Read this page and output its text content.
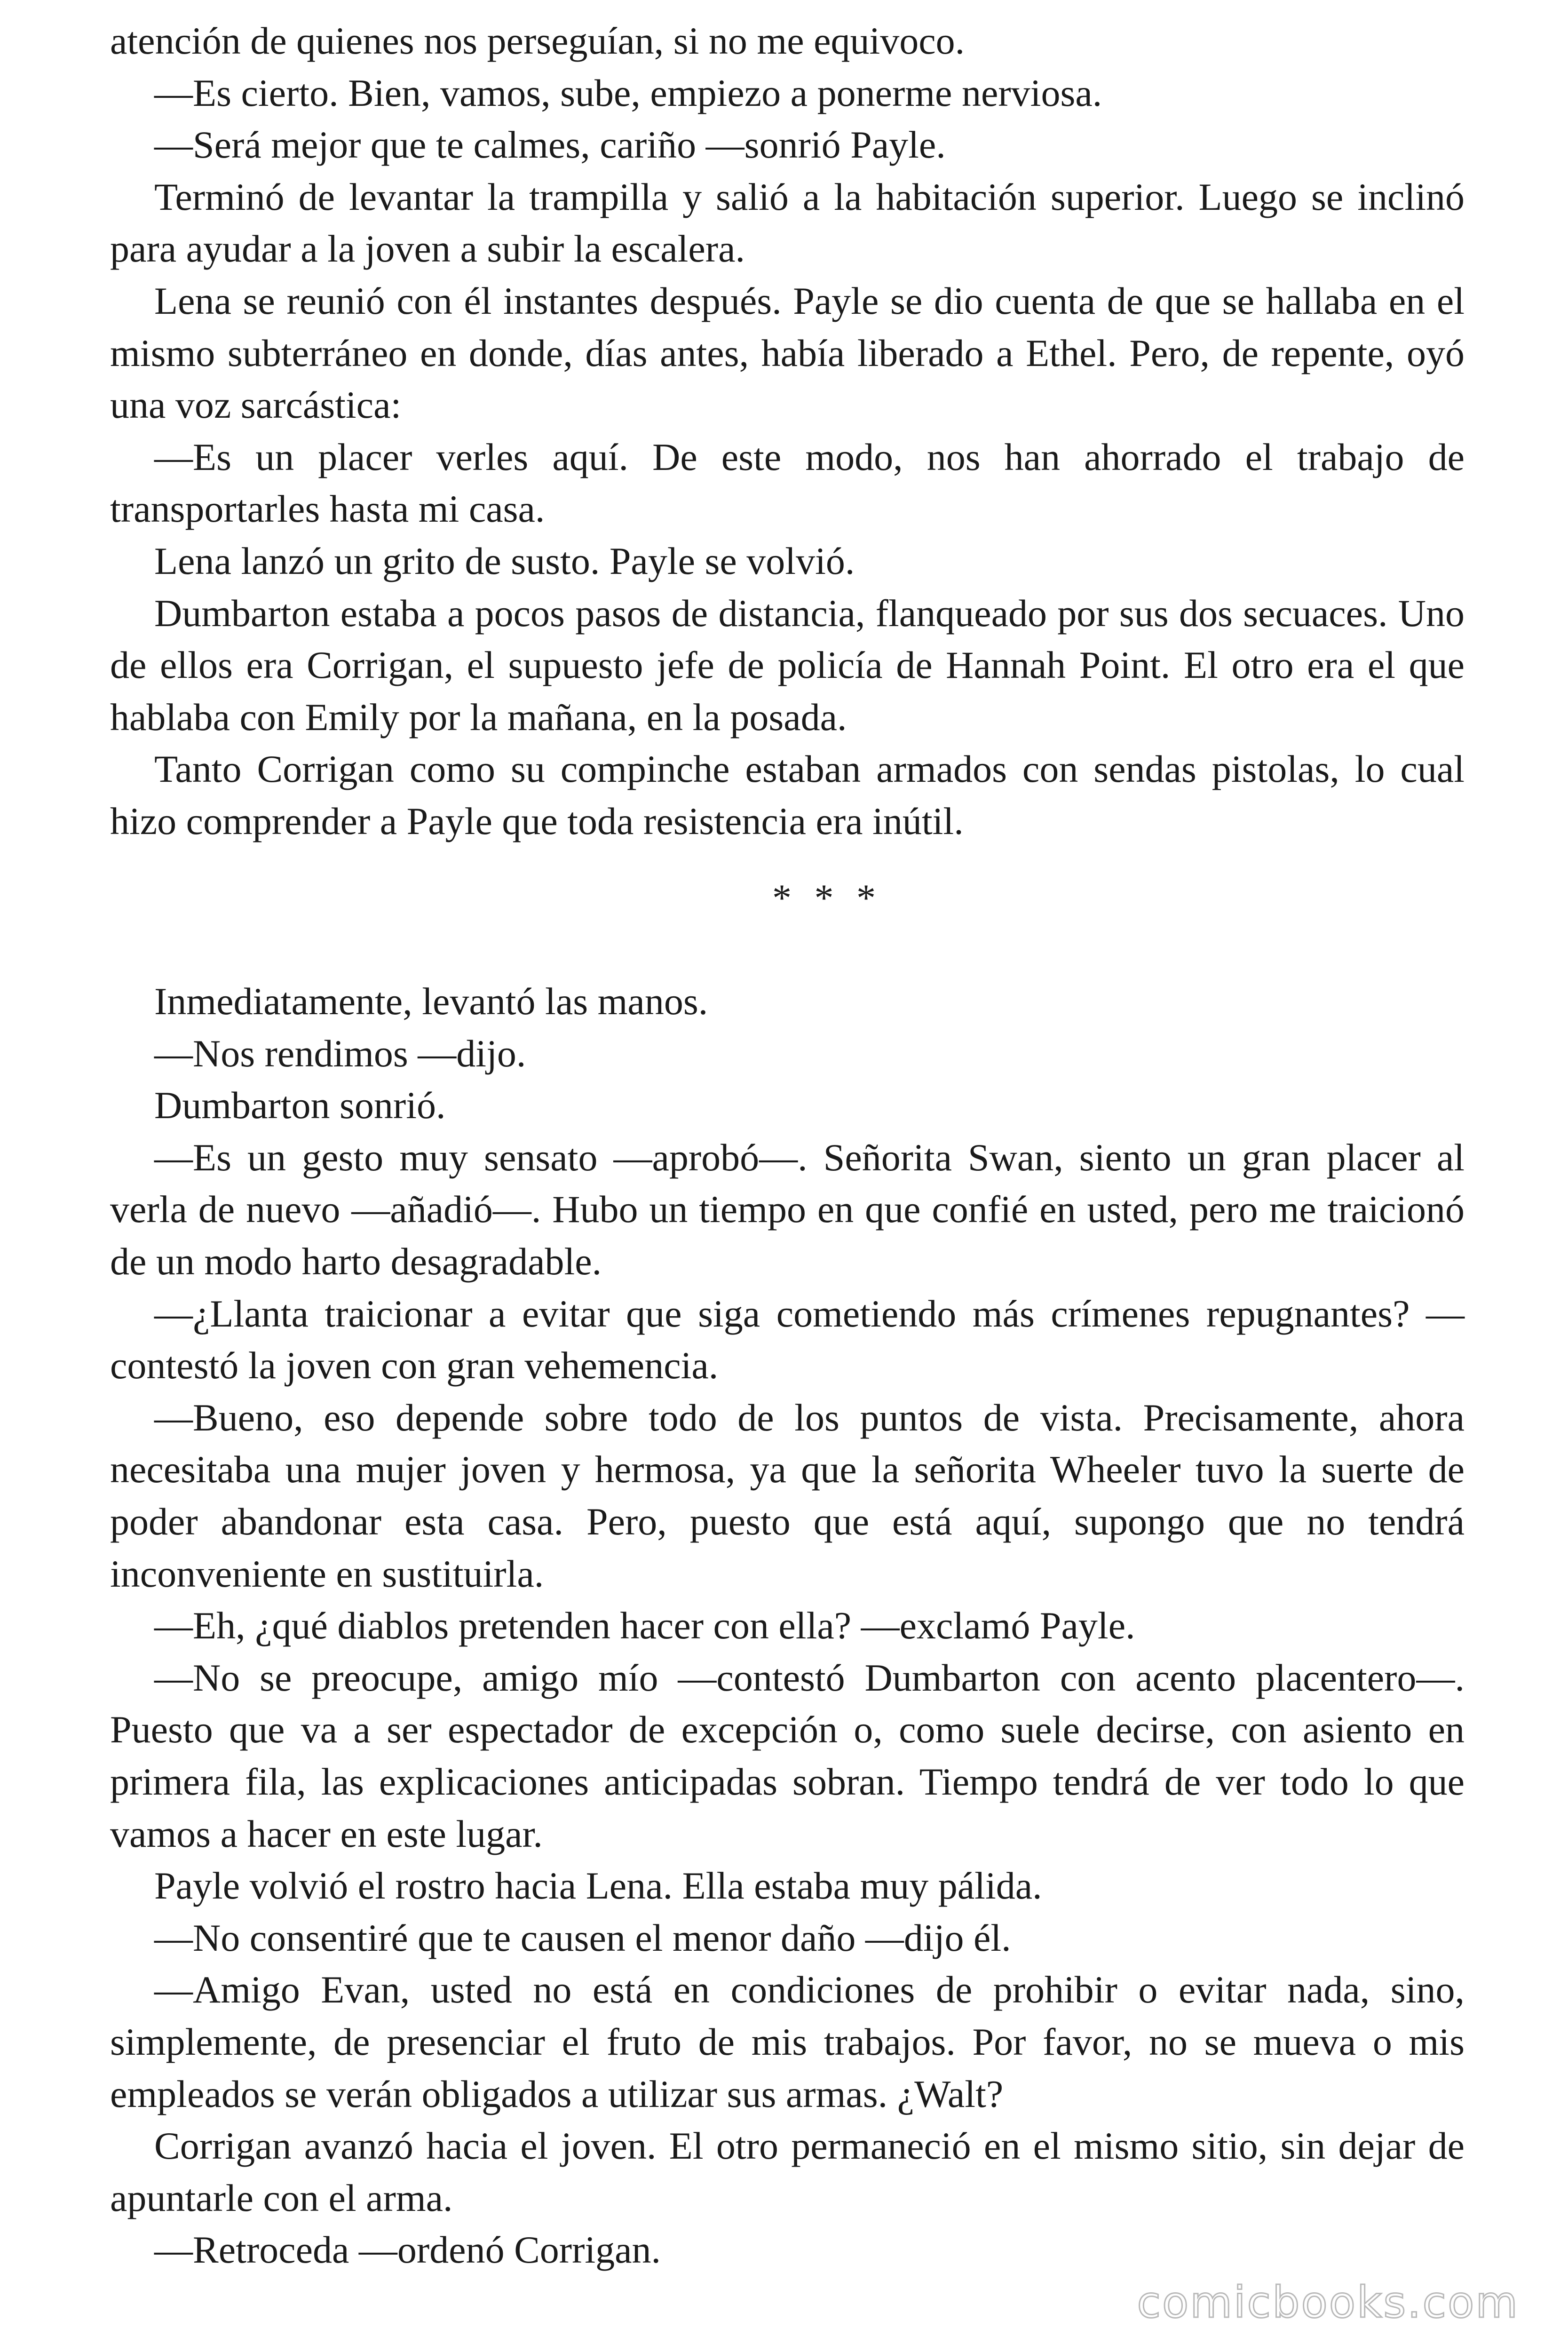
atención de quienes nos perseguían, si no me equivoco.

—Es cierto. Bien, vamos, sube, empiezo a ponerme nerviosa.

—Será mejor que te calmes, cariño —sonrió Payle.

Terminó de levantar la trampilla y salió a la habitación superior. Luego se inclinó para ayudar a la joven a subir la escalera.

Lena se reunió con él instantes después. Payle se dio cuenta de que se hallaba en el mismo subterráneo en donde, días antes, había liberado a Ethel. Pero, de repente, oyó una voz sarcástica:

—Es un placer verles aquí. De este modo, nos han ahorrado el trabajo de transportarles hasta mi casa.

Lena lanzó un grito de susto. Payle se volvió.

Dumbarton estaba a pocos pasos de distancia, flanqueado por sus dos secuaces. Uno de ellos era Corrigan, el supuesto jefe de policía de Hannah Point. El otro era el que hablaba con Emily por la mañana, en la posada.

Tanto Corrigan como su compinche estaban armados con sendas pistolas, lo cual hizo comprender a Payle que toda resistencia era inútil.

* * *

Inmediatamente, levantó las manos.

—Nos rendimos —dijo.

Dumbarton sonrió.

—Es un gesto muy sensato —aprobó—. Señorita Swan, siento un gran placer al verla de nuevo —añadió—. Hubo un tiempo en que confié en usted, pero me traicionó de un modo harto desagradable.

—¿Llanta traicionar a evitar que siga cometiendo más crímenes repugnantes? —contestó la joven con gran vehemencia.

—Bueno, eso depende sobre todo de los puntos de vista. Precisamente, ahora necesitaba una mujer joven y hermosa, ya que la señorita Wheeler tuvo la suerte de poder abandonar esta casa. Pero, puesto que está aquí, supongo que no tendrá inconveniente en sustituirla.

—Eh, ¿qué diablos pretenden hacer con ella? —exclamó Payle.

—No se preocupe, amigo mío —contestó Dumbarton con acento placentero—. Puesto que va a ser espectador de excepción o, como suele decirse, con asiento en primera fila, las explicaciones anticipadas sobran. Tiempo tendrá de ver todo lo que vamos a hacer en este lugar.

Payle volvió el rostro hacia Lena. Ella estaba muy pálida.

—No consentiré que te causen el menor daño —dijo él.

—Amigo Evan, usted no está en condiciones de prohibir o evitar nada, sino, simplemente, de presenciar el fruto de mis trabajos. Por favor, no se mueva o mis empleados se verán obligados a utilizar sus armas. ¿Walt?

Corrigan avanzó hacia el joven. El otro permaneció en el mismo sitio, sin dejar de apuntarle con el arma.

—Retroceda —ordenó Corrigan.

comicbooks.com
